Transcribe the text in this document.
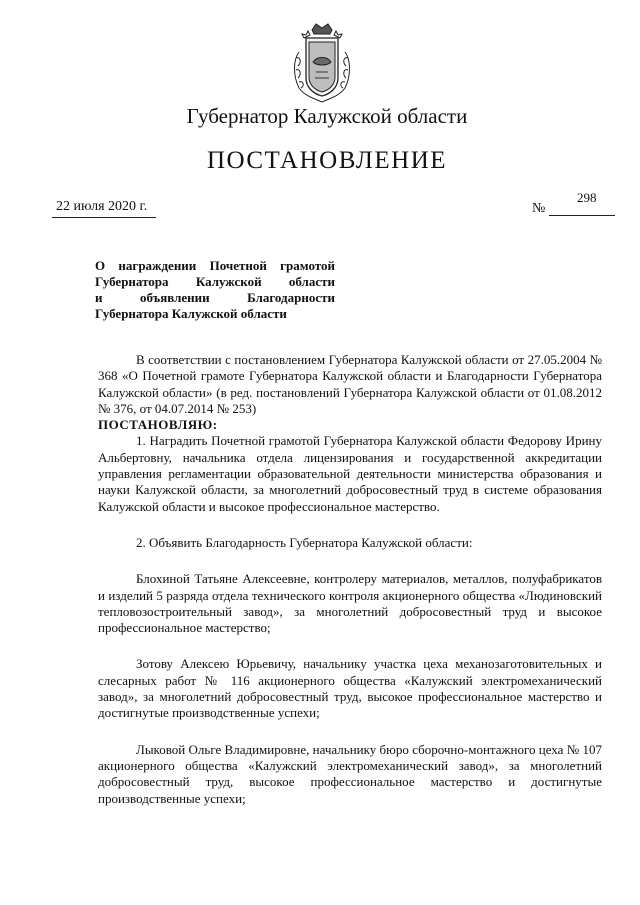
Губернатор Калужской области
ПОСТАНОВЛЕНИЕ
22 июля 2020 г.	№
298
О награждении Почетной грамотой
Губернатора Калужской области
и объявлении Благодарности
Губернатора Калужской области

В соответствии с постановлением Губернатора Калужской области от 27.05.2004 № 368 «О Почетной грамоте Губернатора Калужской области и Благодарности Губернатора Калужской области» (в ред. постановлений Губернатора Калужской области от 01.08.2012 № 376, от 04.07.2014 № 253)

ПОСТАНОВЛЯЮ:

1. Наградить Почетной грамотой Губернатора Калужской области Федорову Ирину Альбертовну, начальника отдела лицензирования и государственной аккредитации управления регламентации образовательной деятельности министерства образования и науки Калужской области, за многолетний добросовестный труд в системе образования Калужской области и высокое профессиональное мастерство.

2. Объявить Благодарность Губернатора Калужской области:

Блохиной Татьяне Алексеевне, контролеру материалов, металлов, полуфабрикатов и изделий 5 разряда отдела технического контроля акционерного общества «Людиновский тепловозостроительный завод», за многолетний добросовестный труд и высокое профессиональное мастерство;

Зотову Алексею Юрьевичу, начальнику участка цеха механозаготовительных и слесарных работ № 116 акционерного общества «Калужский электромеханический завод», за многолетний добросовестный труд, высокое профессиональное мастерство и достигнутые производственные успехи;

Лыковой Ольге Владимировне, начальнику бюро сборочно-монтажного цеха № 107 акционерного общества «Калужский электромеханический завод», за многолетний добросовестный труд, высокое профессиональное мастерство и достигнутые производственные успехи;
